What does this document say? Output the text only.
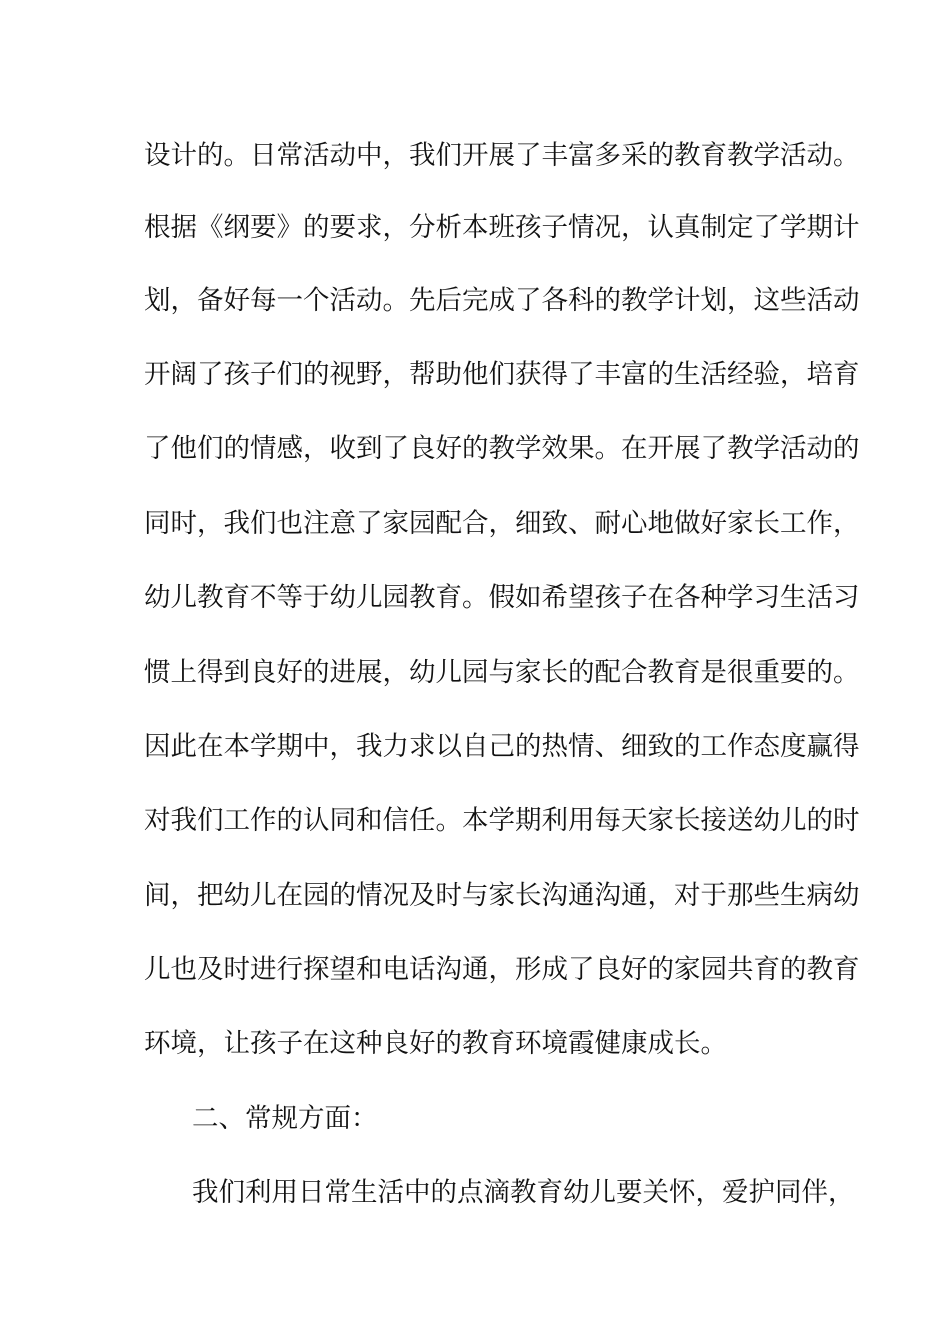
设计的。日常活动中，我们开展了丰富多采的教育教学活动。
根据《纲要》的要求，分析本班孩子情况，认真制定了学期计
划，备好每一个活动。先后完成了各科的教学计划，这些活动
开阔了孩子们的视野，帮助他们获得了丰富的生活经验，培育
了他们的情感，收到了良好的教学效果。在开展了教学活动的
同时，我们也注意了家园配合，细致、耐心地做好家长工作，
幼儿教育不等于幼儿园教育。假如希望孩子在各种学习生活习
惯上得到良好的进展，幼儿园与家长的配合教育是很重要的。
因此在本学期中，我力求以自己的热情、细致的工作态度赢得
对我们工作的认同和信任。本学期利用每天家长接送幼儿的时
间，把幼儿在园的情况及时与家长沟通沟通，对于那些生病幼
儿也及时进行探望和电话沟通，形成了良好的家园共育的教育
环境，让孩子在这种良好的教育环境霞健康成长。
二、常规方面：
我们利用日常生活中的点滴教育幼儿要关怀，爱护同伴，
